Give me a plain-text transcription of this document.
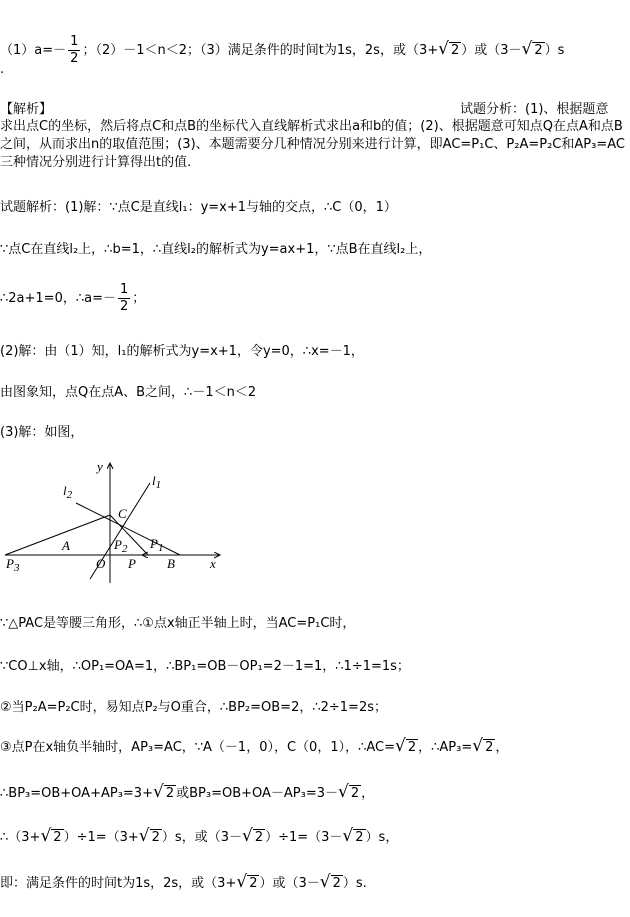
$(1)a=- \frac{1}{2}$ ；（2）－1＜n＜2；（3）满足条件的时间t为1s，2s，或（3+√ 2 ）或（3－√ 2 ）s
.
【解析】	试题分析：(1)、根据题意
求出点C的坐标，然后将点C和点B的坐标代入直线解析式求出a和b的值；(2)、根据题意可知点Q在点A和点B之间，从而求出n的取值范围；(3)、本题需要分几种情况分别来进行计算，即AC=P₁C、P₂A=P₂C和AP₃=AC三种情况分别进行计算得出t的值.
试题解析：(1)解：∵点C是直线l₁：y=x+1与轴的交点，∴C（0，1）
∵点C在直线l₂上，∴b=1，∴直线l₂的解析式为y=ax+1，∵点B在直线l₂上，
∴2a+1=0，∴a=－ $\frac{1}{2}$ ；
(2)解：由（1）知，l₁的解析式为y=x+1，令y=0，∴x=－1，
由图象知，点Q在点A、B之间，∴－1＜n＜2
(3)解：如图，
y
x
$l_1$
$l_2$
C
A	$P_2$ $P_1$
$P_3$	O P B
∵△PAC是等腰三角形，∴①点x轴正半轴上时，当AC=P₁C时，
∵CO⊥x轴，∴OP₁=OA=1，∴BP₁=OB－OP₁=2－1=1，∴1÷1=1s；
②当P₂A=P₂C时，易知点P₂与O重合，∴BP₂=OB=2，∴2÷1=2s；
③点P在x轴负半轴时，AP₃=AC，∵A（－1，0），C（0，1），∴AC=√ 2 ，∴AP₃=√ 2 ，
∴BP₃=OB+OA+AP₃=3+√ 2 或BP₃=OB+OA－AP₃=3－√ 2 ，
∴（3+√ 2 ）÷1=（3+√ 2 ）s，或（3－√ 2 ）÷1=（3－√ 2 ）s，
即：满足条件的时间t为1s，2s，或（3+√ 2 ）或（3－√ 2 ）s.
